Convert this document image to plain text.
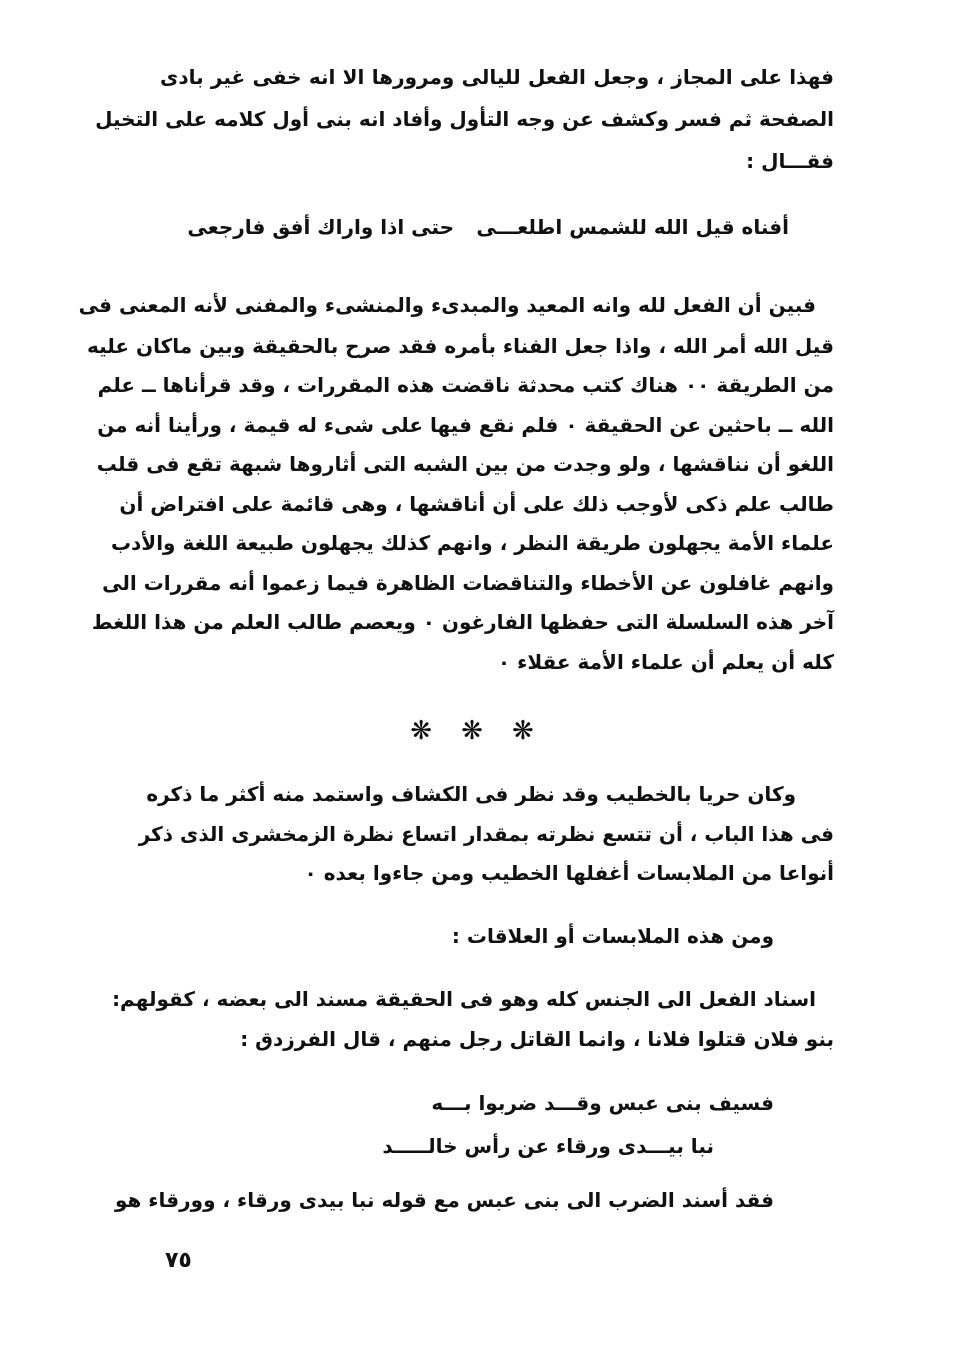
فهذا على المجاز ، وجعل الفعل لليالى ومرورها الا انه خفى غير بادى
الصفحة ثم فسر وكشف عن وجه التأول وأفاد انه بنى أول كلامه على التخيل
فقـــال :
أفناه قيل الله للشمس اطلعـــى
حتى اذا واراك أفق فارجعى
فبين أن الفعل لله وانه المعيد والمبدىء والمنشىء والمفنى لأنه المعنى فى
قيل الله أمر الله ، واذا جعل الفناء بأمره فقد صرح بالحقيقة وبين ماكان عليه
من الطريقة ٠٠ هناك كتب محدثة ناقضت هذه المقررات ، وقد قرأناها ــ علم
الله ــ باحثين عن الحقيقة ٠ فلم نقع فيها على شىء له قيمة ، ورأينا أنه من
اللغو أن نناقشها ، ولو وجدت من بين الشبه التى أثاروها شبهة تقع فى قلب
طالب علم ذكى لأوجب ذلك على أن أناقشها ، وهى قائمة على افتراض أن
علماء الأمة يجهلون طريقة النظر ، وانهم كذلك يجهلون طبيعة اللغة والأدب
وانهم غافلون عن الأخطاء والتناقضات الظاهرة فيما زعموا أنه مقررات الى
آخر هذه السلسلة التى حفظها الفارغون ٠ ويعصم طالب العلم من هذا اللغط
كله أن يعلم أن علماء الأمة عقلاء ٠
❋ ❋ ❋
وكان حريا بالخطيب وقد نظر فى الكشاف واستمد منه أكثر ما ذكره
فى هذا الباب ، أن تتسع نظرته بمقدار اتساع نظرة الزمخشرى الذى ذكر
أنواعا من الملابسات أغفلها الخطيب ومن جاءوا بعده ٠
ومن هذه الملابسات أو العلاقات :
اسناد الفعل الى الجنس كله وهو فى الحقيقة مسند الى بعضه ، كقولهم:
بنو فلان قتلوا فلانا ، وانما القاتل رجل منهم ، قال الفرزدق :
فسيف بنى عبس وقـــد ضربوا بـــه
نبا بيـــدى ورقاء عن رأس خالـــــد
فقد أسند الضرب الى بنى عبس مع قوله نبا بيدى ورقاء ، وورقاء هو
٧٥
